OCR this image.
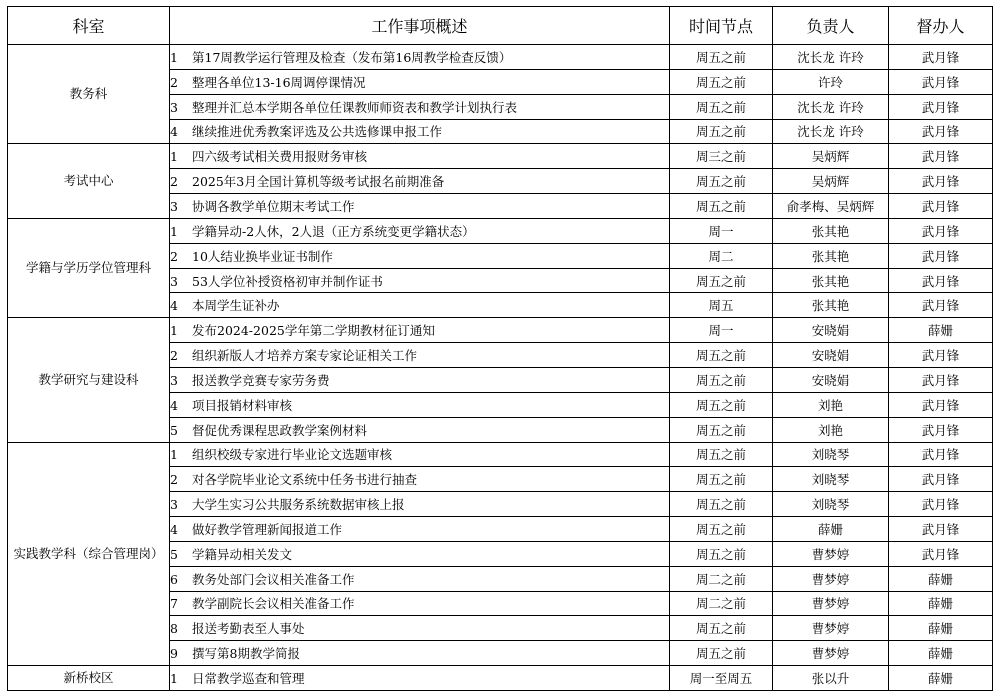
科室	工作事项概述	时间节点	负责人	督办人
教务科	1 第17周教学运行管理及检查（发布第16周教学检查反馈）	周五之前	沈长龙 许玲	武月锋
	2 整理各单位13-16周调停课情况	周五之前	许玲	武月锋
	3 整理并汇总本学期各单位任课教师师资表和教学计划执行表	周五之前	沈长龙 许玲	武月锋
	4 继续推进优秀教案评选及公共选修课申报工作	周五之前	沈长龙 许玲	武月锋
考试中心	1 四六级考试相关费用报财务审核	周三之前	吴炳辉	武月锋
	2 2025年3月全国计算机等级考试报名前期准备	周五之前	吴炳辉	武月锋
	3 协调各教学单位期末考试工作	周五之前	俞孝梅、吴炳辉	武月锋
学籍与学历学位管理科	1 学籍异动-2人休，2人退（正方系统变更学籍状态）	周一	张其艳	武月锋
	2 10人结业换毕业证书制作	周二	张其艳	武月锋
	3 53人学位补授资格初审并制作证书	周五之前	张其艳	武月锋
	4 本周学生证补办	周五	张其艳	武月锋
教学研究与建设科	1 发布2024-2025学年第二学期教材征订通知	周一	安晓娟	薛姗
	2 组织新版人才培养方案专家论证相关工作	周五之前	安晓娟	武月锋
	3 报送教学竞赛专家劳务费	周五之前	安晓娟	武月锋
	4 项目报销材料审核	周五之前	刘艳	武月锋
	5 督促优秀课程思政教学案例材料	周五之前	刘艳	武月锋
实践教学科（综合管理岗）	1 组织校级专家进行毕业论文选题审核	周五之前	刘晓琴	武月锋
	2 对各学院毕业论文系统中任务书进行抽查	周五之前	刘晓琴	武月锋
	3 大学生实习公共服务系统数据审核上报	周五之前	刘晓琴	武月锋
	4 做好教学管理新闻报道工作	周五之前	薛姗	武月锋
	5 学籍异动相关发文	周五之前	曹梦婷	武月锋
	6 教务处部门会议相关准备工作	周二之前	曹梦婷	薛姗
	7 教学副院长会议相关准备工作	周二之前	曹梦婷	薛姗
	8 报送考勤表至人事处	周五之前	曹梦婷	薛姗
	9 撰写第8期教学简报	周五之前	曹梦婷	薛姗
新桥校区	1 日常教学巡查和管理	周一至周五	张以升	薛姗
